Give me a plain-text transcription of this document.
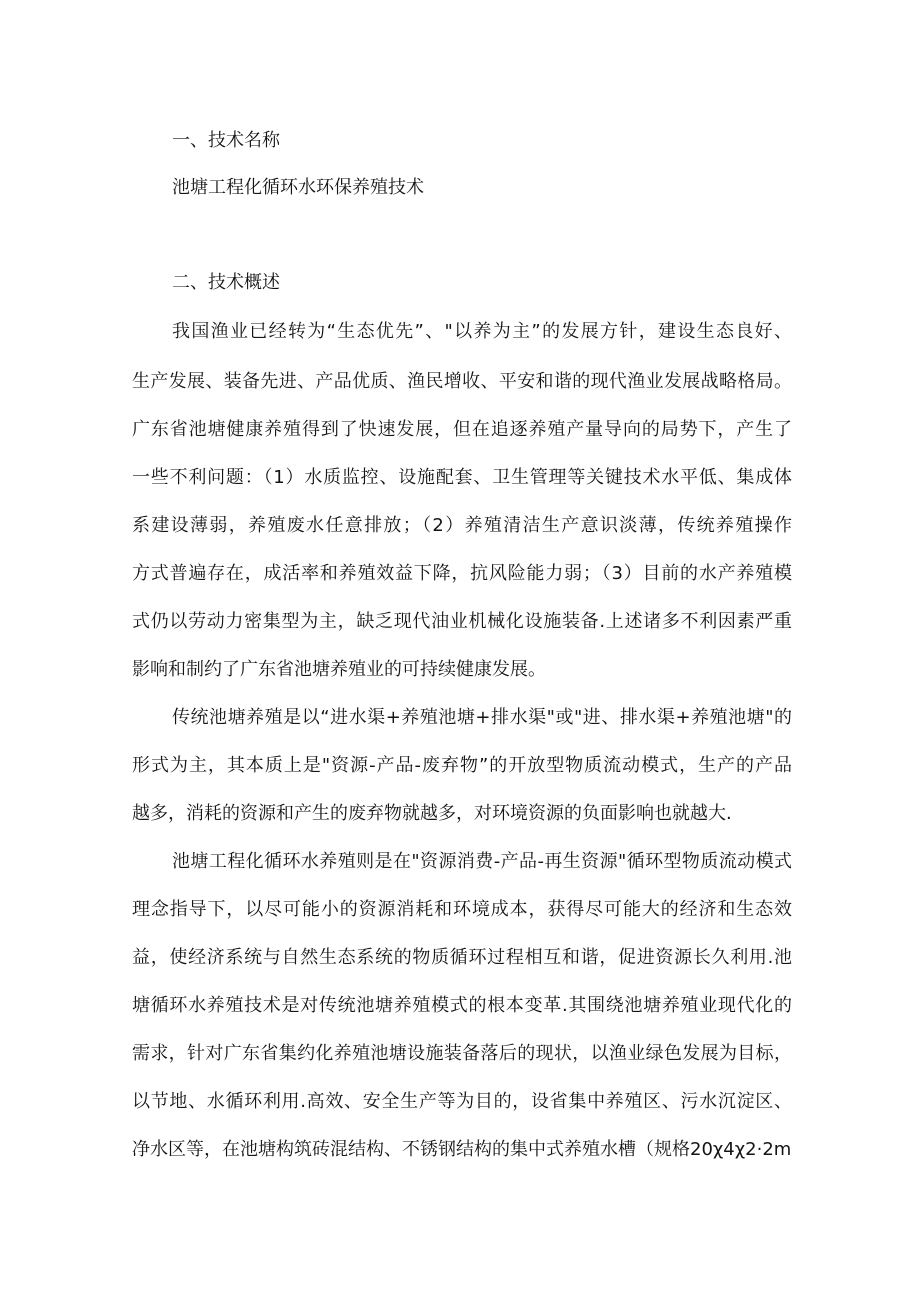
一、技术名称
池塘工程化循环水环保养殖技术
二、技术概述
我国渔业已经转为“生态优先”、"以养为主”的发展方针，建设生态良好、
生产发展、装备先进、产品优质、渔民增收、平安和谐的现代渔业发展战略格局。
广东省池塘健康养殖得到了快速发展，但在追逐养殖产量导向的局势下，产生了
一些不利问题：（1）水质监控、设施配套、卫生管理等关键技术水平低、集成体
系建设薄弱，养殖废水任意排放；（2）养殖清洁生产意识淡薄，传统养殖操作
方式普遍存在，成活率和养殖效益下降，抗风险能力弱；（3）目前的水产养殖模
式仍以劳动力密集型为主，缺乏现代油业机械化设施装备.上述诸多不利因素严重
影响和制约了广东省池塘养殖业的可持续健康发展。
传统池塘养殖是以“进水渠+养殖池塘+排水渠"或"进、排水渠+养殖池塘"的
形式为主，其本质上是"资源-产品-废弃物”的开放型物质流动模式，生产的产品
越多，消耗的资源和产生的废弃物就越多，对环境资源的负面影响也就越大.
池塘工程化循环水养殖则是在"资源消费-产品-再生资源"循环型物质流动模式
理念指导下，以尽可能小的资源消耗和环境成本，获得尽可能大的经济和生态效
益，使经济系统与自然生态系统的物质循环过程相互和谐，促进资源长久利用.池
塘循环水养殖技术是对传统池塘养殖模式的根本变革.其围绕池塘养殖业现代化的
需求，针对广东省集约化养殖池塘设施装备落后的现状，以渔业绿色发展为目标，
以节地、水循环利用.高效、安全生产等为目的，设省集中养殖区、污水沉淀区、
净水区等，在池塘构筑砖混结构、不锈钢结构的集中式养殖水槽（规格20χ4χ2·2m
